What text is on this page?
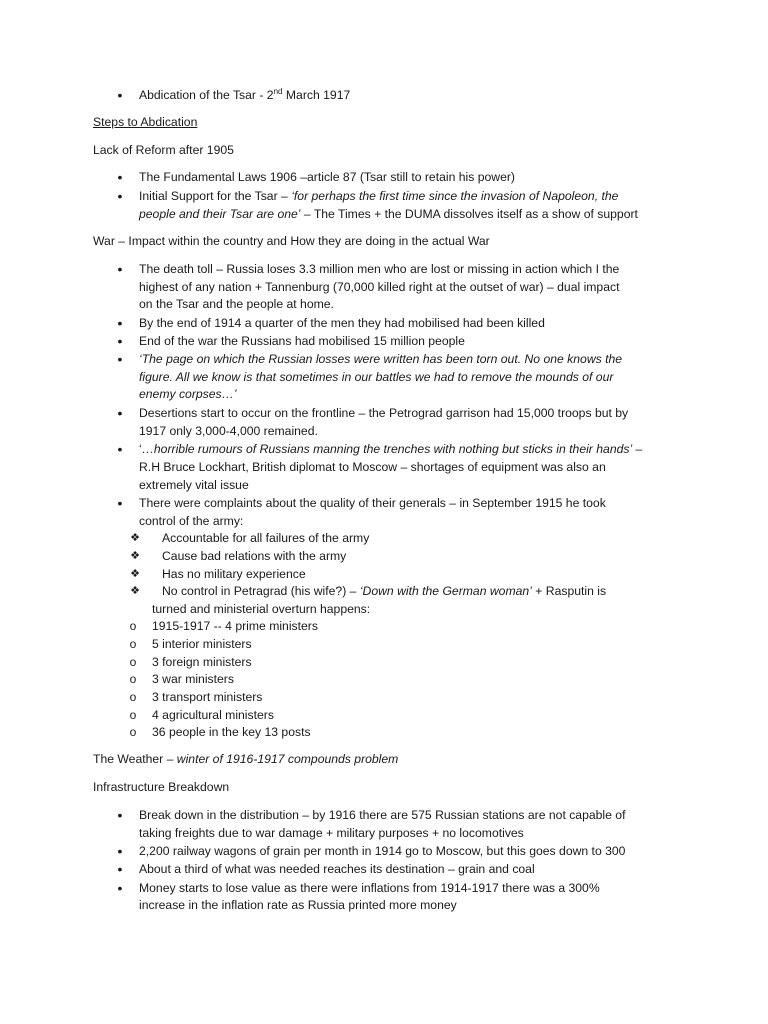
•
Abdication of the Tsar - 2nd March 1917
Steps to Abdication
Lack of Reform after 1905
•
The Fundamental Laws 1906 –article 87 (Tsar still to retain his power)
•
Initial Support for the Tsar – ‘for perhaps the first time since the invasion of Napoleon, the
people and their Tsar are one’ – The Times + the DUMA dissolves itself as a show of support
War – Impact within the country and How they are doing in the actual War
•
The death toll – Russia loses 3.3 million men who are lost or missing in action which I the
highest of any nation + Tannenburg (70,000 killed right at the outset of war) – dual impact
on the Tsar and the people at home.
•
By the end of 1914 a quarter of the men they had mobilised had been killed
•
End of the war the Russians had mobilised 15 million people
•
‘The page on which the Russian losses were written has been torn out. No one knows the
figure. All we know is that sometimes in our battles we had to remove the mounds of our
enemy corpses…’
•
Desertions start to occur on the frontline – the Petrograd garrison had 15,000 troops but by
1917 only 3,000-4,000 remained.
•
‘…horrible rumours of Russians manning the trenches with nothing but sticks in their hands’ –
R.H Bruce Lockhart, British diplomat to Moscow – shortages of equipment was also an
extremely vital issue
•
There were complaints about the quality of their generals – in September 1915 he took
control of the army:
❖ Accountable for all failures of the army
❖ Cause bad relations with the army
❖ Has no military experience
❖ No control in Petragrad (his wife?) – ‘Down with the German woman’ + Rasputin is
turned and ministerial overturn happens:
o 1915-1917 -- 4 prime ministers
o 5 interior ministers
o 3 foreign ministers
o 3 war ministers
o 3 transport ministers
o 4 agricultural ministers
o 36 people in the key 13 posts
The Weather – winter of 1916-1917 compounds problem
Infrastructure Breakdown
•
Break down in the distribution – by 1916 there are 575 Russian stations are not capable of
taking freights due to war damage + military purposes + no locomotives
•
2,200 railway wagons of grain per month in 1914 go to Moscow, but this goes down to 300
•
About a third of what was needed reaches its destination – grain and coal
•
Money starts to lose value as there were inflations from 1914-1917 there was a 300%
increase in the inflation rate as Russia printed more money
